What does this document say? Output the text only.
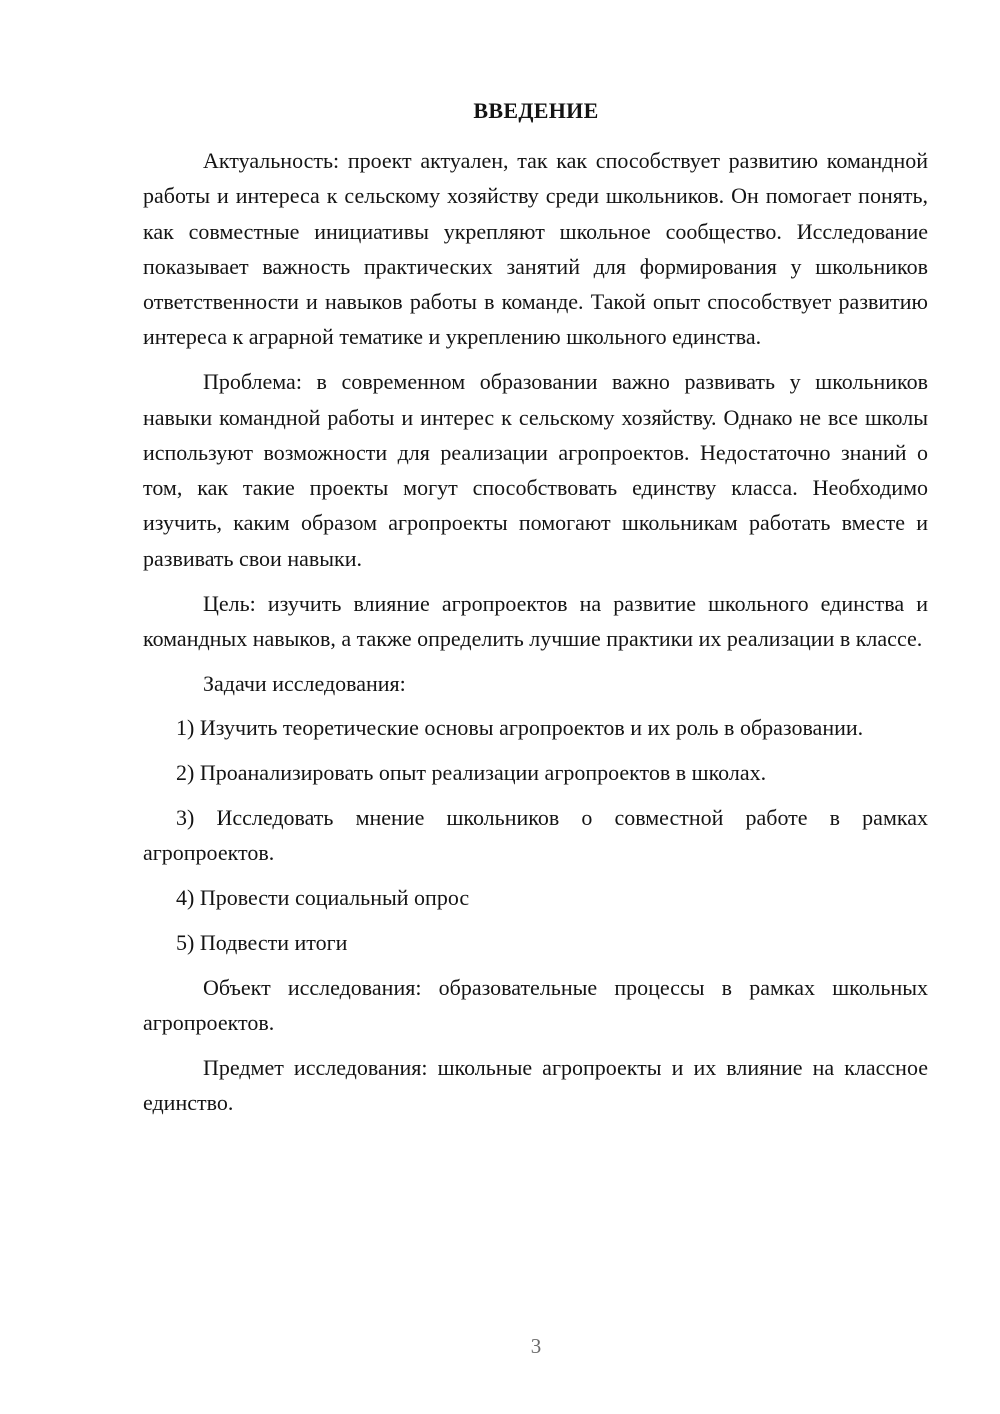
ВВЕДЕНИЕ

Актуальность: проект актуален, так как способствует развитию командной работы и интереса к сельскому хозяйству среди школьников. Он помогает понять, как совместные инициативы укрепляют школьное сообщество. Исследование показывает важность практических занятий для формирования у школьников ответственности и навыков работы в команде. Такой опыт способствует развитию интереса к аграрной тематике и укреплению школьного единства.

Проблема: в современном образовании важно развивать у школьников навыки командной работы и интерес к сельскому хозяйству. Однако не все школы используют возможности для реализации агропроектов. Недостаточно знаний о том, как такие проекты могут способствовать единству класса. Необходимо изучить, каким образом агропроекты помогают школьникам работать вместе и развивать свои навыки.

Цель: изучить влияние агропроектов на развитие школьного единства и командных навыков, а также определить лучшие практики их реализации в классе.

Задачи исследования:

1) Изучить теоретические основы агропроектов и их роль в образовании.

2) Проанализировать опыт реализации агропроектов в школах.

3) Исследовать мнение школьников о совместной работе в рамках агропроектов.

4) Провести социальный опрос

5) Подвести итоги

Объект исследования: образовательные процессы в рамках школьных агропроектов.

Предмет исследования: школьные агропроекты и их влияние на классное единство.

3
